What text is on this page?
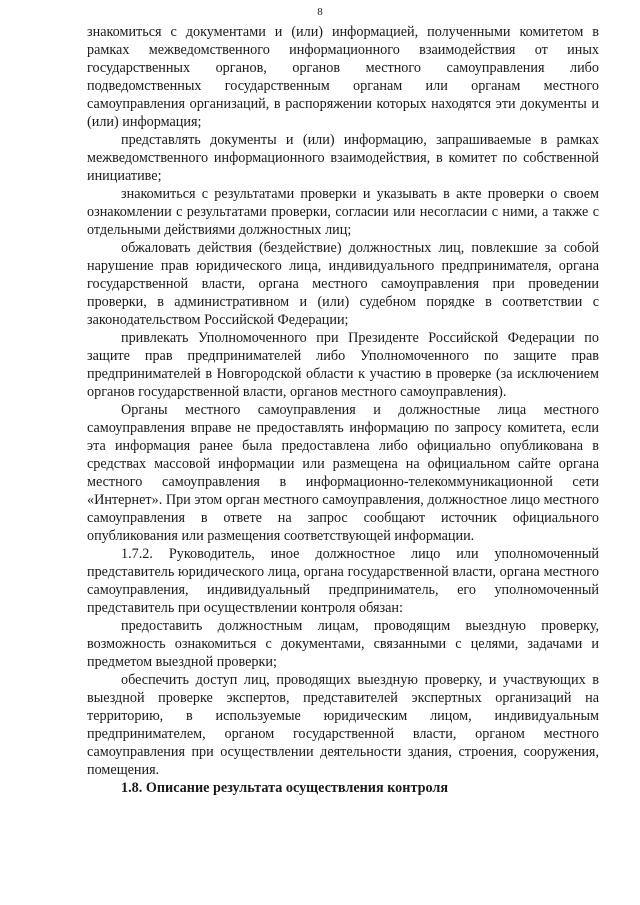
8

знакомиться с документами и (или) информацией, полученными комитетом в рамках межведомственного информационного взаимодействия от иных государственных органов, органов местного самоуправления либо подведомственных государственным органам или органам местного самоуправления организаций, в распоряжении которых находятся эти документы и (или) информация;

представлять документы и (или) информацию, запрашиваемые в рамках межведомственного информационного взаимодействия, в комитет по собственной инициативе;

знакомиться с результатами проверки и указывать в акте проверки о своем ознакомлении с результатами проверки, согласии или несогласии с ними, а также с отдельными действиями должностных лиц;

обжаловать действия (бездействие) должностных лиц, повлекшие за собой нарушение прав юридического лица, индивидуального предпринимателя, органа государственной власти, органа местного самоуправления при проведении проверки, в административном и (или) судебном порядке в соответствии с законодательством Российской Федерации;

привлекать Уполномоченного при Президенте Российской Федерации по защите прав предпринимателей либо Уполномоченного по защите прав предпринимателей в Новгородской области к участию в проверке (за исключением органов государственной власти, органов местного самоуправления).

Органы местного самоуправления и должностные лица местного самоуправления вправе не предоставлять информацию по запросу комитета, если эта информация ранее была предоставлена либо официально опубликована в средствах массовой информации или размещена на официальном сайте органа местного самоуправления в информационно-телекоммуникационной сети «Интернет». При этом орган местного самоуправления, должностное лицо местного самоуправления в ответе на запрос сообщают источник официального опубликования или размещения соответствующей информации.

1.7.2. Руководитель, иное должностное лицо или уполномоченный представитель юридического лица, органа государственной власти, органа местного самоуправления, индивидуальный предприниматель, его уполномоченный представитель при осуществлении контроля обязан:

предоставить должностным лицам, проводящим выездную проверку, возможность ознакомиться с документами, связанными с целями, задачами и предметом выездной проверки;

обеспечить доступ лиц, проводящих выездную проверку, и участвующих в выездной проверке экспертов, представителей экспертных организаций на территорию, в используемые юридическим лицом, индивидуальным предпринимателем, органом государственной власти, органом местного самоуправления при осуществлении деятельности здания, строения, сооружения, помещения.

1.8. Описание результата осуществления контроля
